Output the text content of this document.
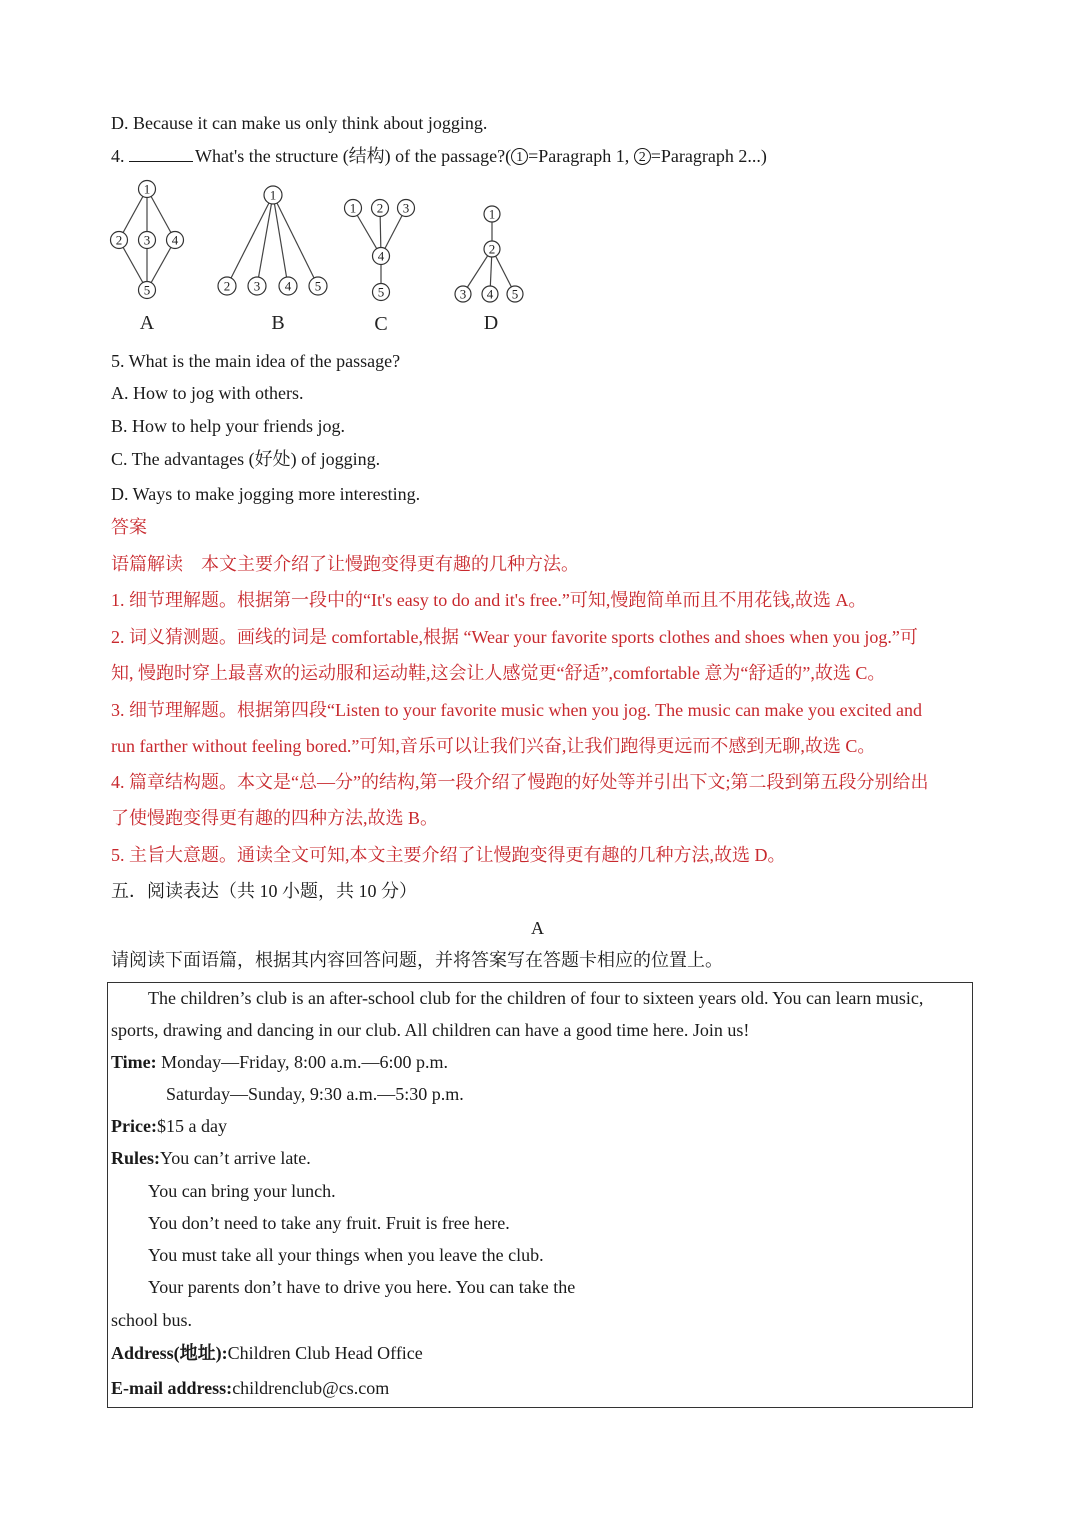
D. Because it can make us only think about jogging.
4.	What's the structure (结构) of the passage?( 1 =Paragraph 1, 2 =Paragraph 2...)
1
2 3 4
5
A
1
2 3 4 5
B
1 2 3
4
5
C
1
2
3 4 5
D
5. What is the main idea of the passage?
A. How to jog with others.
B. How to help your friends jog.
C. The advantages (好处) of jogging.
D. Ways to make jogging more interesting.
答案
语篇解读　本文主要介绍了让慢跑变得更有趣的几种方法。
1. 细节理解题。根据第一段中的“It's easy to do and it's free.”可知,慢跑简单而且不用花钱,故选 A。
2. 词义猜测题。画线的词是 comfortable,根据 “Wear your favorite sports clothes and shoes when you jog.”可
知, 慢跑时穿上最喜欢的运动服和运动鞋,这会让人感觉更“舒适”,comfortable 意为“舒适的”,故选 C。
3. 细节理解题。根据第四段“Listen to your favorite music when you jog. The music can make you excited and
run farther without feeling bored.”可知,音乐可以让我们兴奋,让我们跑得更远而不感到无聊,故选 C。
4. 篇章结构题。本文是“总—分”的结构,第一段介绍了慢跑的好处等并引出下文;第二段到第五段分别给出
了使慢跑变得更有趣的四种方法,故选 B。
5. 主旨大意题。通读全文可知,本文主要介绍了让慢跑变得更有趣的几种方法,故选 D。
五．阅读表达（共 10 小题，共 10 分）
A
请阅读下面语篇，根据其内容回答问题，并将答案写在答题卡相应的位置上。
The children’s club is an after-school club for the children of four to sixteen years old. You can learn music,
sports, drawing and dancing in our club. All children can have a good time here. Join us!
Time: Monday—Friday, 8:00 a.m.—6:00 p.m.
Saturday—Sunday, 9:30 a.m.—5:30 p.m.
Price:$15 a day
Rules:You can’t arrive late.
You can bring your lunch.
You don’t need to take any fruit. Fruit is free here.
You must take all your things when you leave the club.
Your parents don’t have to drive you here. You can take the
school bus.
Address(地址):Children Club Head Office
E-mail address:childrenclub@cs.com
